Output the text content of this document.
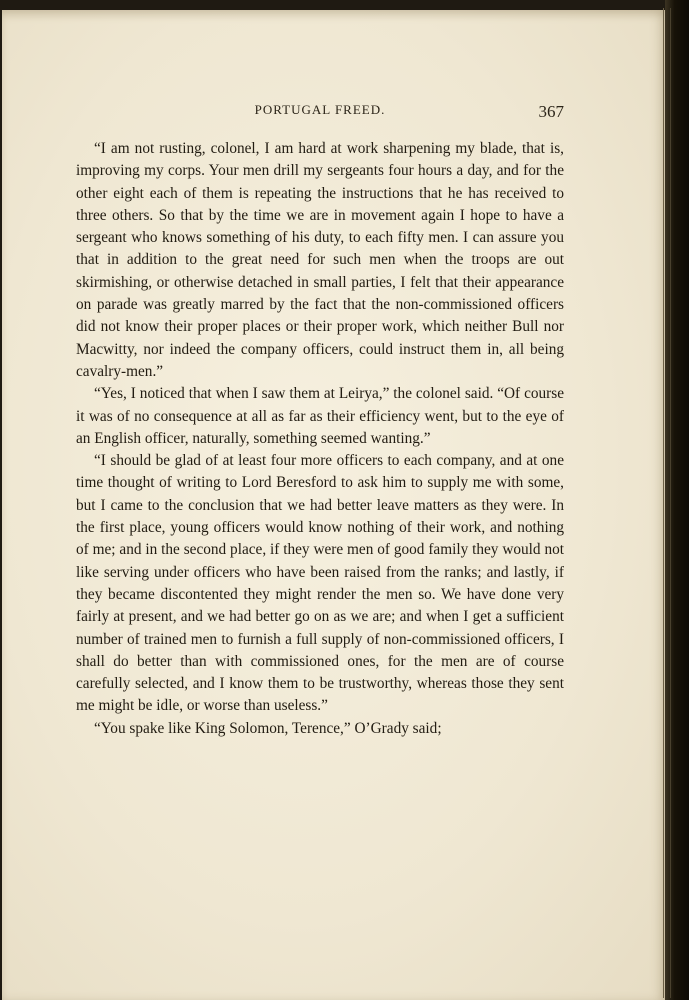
PORTUGAL FREED.	367

“I am not rusting, colonel, I am hard at work sharpening my blade, that is, improving my corps. Your men drill my sergeants four hours a day, and for the other eight each of them is repeating the instructions that he has received to three others. So that by the time we are in movement again I hope to have a sergeant who knows something of his duty, to each fifty men. I can assure you that in addition to the great need for such men when the troops are out skirmishing, or otherwise detached in small parties, I felt that their appearance on parade was greatly marred by the fact that the non-commissioned officers did not know their proper places or their proper work, which neither Bull nor Macwitty, nor indeed the company officers, could instruct them in, all being cavalry-men.”

“Yes, I noticed that when I saw them at Leirya,” the colonel said. “Of course it was of no consequence at all as far as their efficiency went, but to the eye of an English officer, naturally, something seemed wanting.”

“I should be glad of at least four more officers to each company, and at one time thought of writing to Lord Beresford to ask him to supply me with some, but I came to the conclusion that we had better leave matters as they were. In the first place, young officers would know nothing of their work, and nothing of me; and in the second place, if they were men of good family they would not like serving under officers who have been raised from the ranks; and lastly, if they became discontented they might render the men so. We have done very fairly at present, and we had better go on as we are; and when I get a sufficient number of trained men to furnish a full supply of non-commissioned officers, I shall do better than with commissioned ones, for the men are of course carefully selected, and I know them to be trustworthy, whereas those they sent me might be idle, or worse than useless.”

“You spake like King Solomon, Terence,” O’Grady said;
